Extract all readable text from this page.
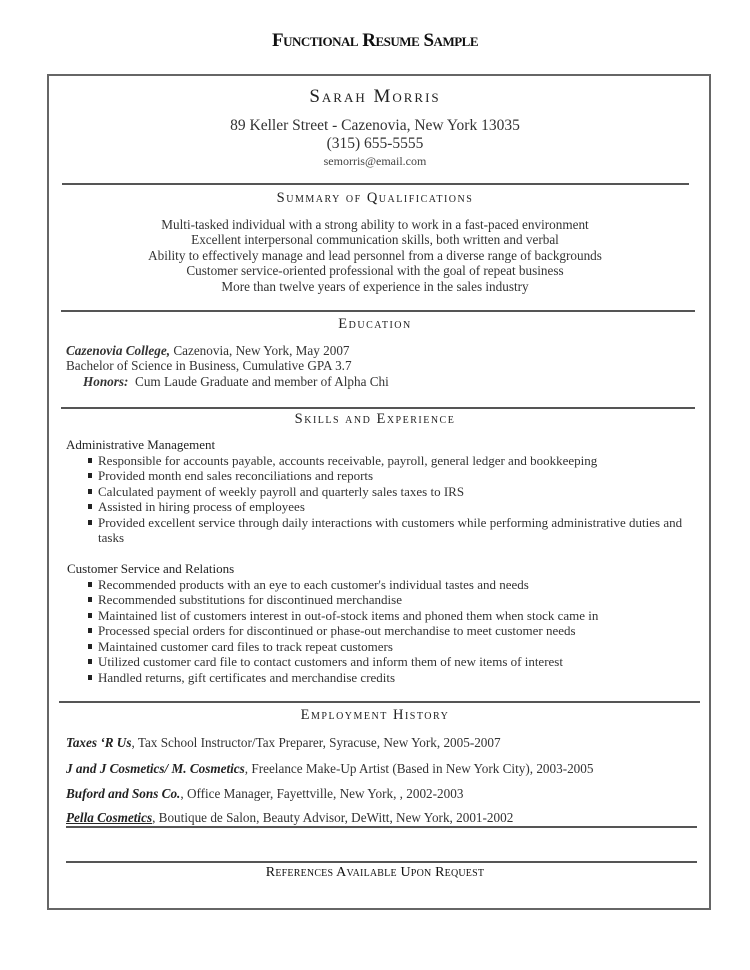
Functional Resume Sample
Sarah Morris
89 Keller Street - Cazenovia, New York 13035
(315) 655-5555
semorris@email.com
Summary of Qualifications
Multi-tasked individual with a strong ability to work in a fast-paced environment
Excellent interpersonal communication skills, both written and verbal
Ability to effectively manage and lead personnel from a diverse range of backgrounds
Customer service-oriented professional with the goal of repeat business
More than twelve years of experience in the sales industry
Education
Cazenovia College, Cazenovia, New York, May 2007
Bachelor of Science in Business, Cumulative GPA 3.7
Honors:  Cum Laude Graduate and member of Alpha Chi
Skills and Experience
Administrative Management
Responsible for accounts payable, accounts receivable, payroll, general ledger and bookkeeping
Provided month end sales reconciliations and reports
Calculated payment of weekly payroll and quarterly sales taxes to IRS
Assisted in hiring process of employees
Provided excellent service through daily interactions with customers while performing administrative duties and tasks
Customer Service and Relations
Recommended products with an eye to each customer's individual tastes and needs
Recommended substitutions for discontinued merchandise
Maintained list of customers interest in out-of-stock items and phoned them when stock came in
Processed special orders for discontinued or phase-out merchandise to meet customer needs
Maintained customer card files to track repeat customers
Utilized customer card file to contact customers and inform them of new items of interest
Handled returns, gift certificates and merchandise credits
Employment History
Taxes ‘R Us, Tax School Instructor/Tax Preparer, Syracuse, New York, 2005-2007
J and J Cosmetics/ M. Cosmetics, Freelance Make-Up Artist (Based in New York City), 2003-2005
Buford and Sons Co., Office Manager, Fayettville, New York, , 2002-2003
Pella Cosmetics, Boutique de Salon, Beauty Advisor, DeWitt, New York, 2001-2002
References Available Upon Request
